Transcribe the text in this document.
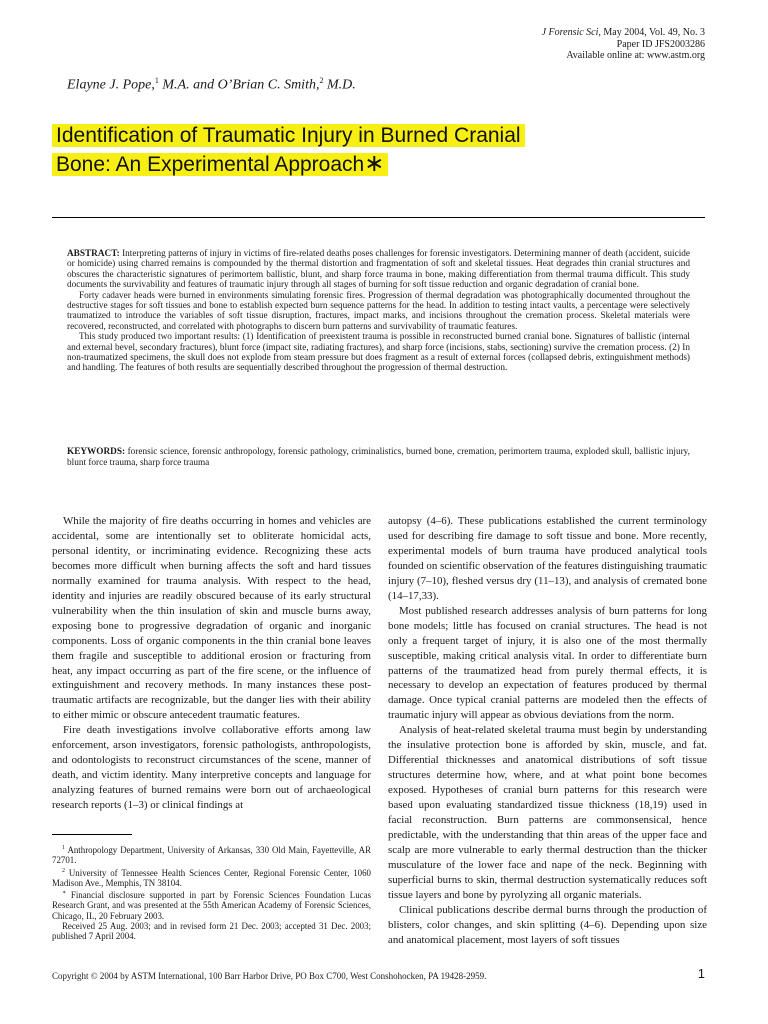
J Forensic Sci, May 2004, Vol. 49, No. 3
Paper ID JFS2003286
Available online at: www.astm.org
Elayne J. Pope,$^1$ M.A. and O’Brian C. Smith,$^2$ M.D.
Identification of Traumatic Injury in Burned Cranial
Bone: An Experimental Approach∗

ABSTRACT: Interpreting patterns of injury in victims of fire-related deaths poses challenges for forensic investigators. Determining manner of death (accident, suicide or homicide) using charred remains is compounded by the thermal distortion and fragmentation of soft and skeletal tissues. Heat degrades thin cranial structures and obscures the characteristic signatures of perimortem ballistic, blunt, and sharp force trauma in bone, making differentiation from thermal trauma difficult. This study documents the survivability and features of traumatic injury through all stages of burning for soft tissue reduction and organic degradation of cranial bone.

Forty cadaver heads were burned in environments simulating forensic fires. Progression of thermal degradation was photographically documented throughout the destructive stages for soft tissues and bone to establish expected burn sequence patterns for the head. In addition to testing intact vaults, a percentage were selectively traumatized to introduce the variables of soft tissue disruption, fractures, impact marks, and incisions throughout the cremation process. Skeletal materials were recovered, reconstructed, and correlated with photographs to discern burn patterns and survivability of traumatic features.

This study produced two important results: (1) Identification of preexistent trauma is possible in reconstructed burned cranial bone. Signatures of ballistic (internal and external bevel, secondary fractures), blunt force (impact site, radiating fractures), and sharp force (incisions, stabs, sectioning) survive the cremation process. (2) In non-traumatized specimens, the skull does not explode from steam pressure but does fragment as a result of external forces (collapsed debris, extinguishment methods) and handling. The features of both results are sequentially described throughout the progression of thermal destruction.

KEYWORDS: forensic science, forensic anthropology, forensic pathology, criminalistics, burned bone, cremation, perimortem trauma, exploded skull, ballistic injury, blunt force trauma, sharp force trauma

While the majority of fire deaths occurring in homes and vehicles are accidental, some are intentionally set to obliterate homicidal acts, personal identity, or incriminating evidence. Recognizing these acts becomes more difficult when burning affects the soft and hard tissues normally examined for trauma analysis. With respect to the head, identity and injuries are readily obscured because of its early structural vulnerability when the thin insulation of skin and muscle burns away, exposing bone to progressive degradation of organic and inorganic components. Loss of organic components in the thin cranial bone leaves them fragile and susceptible to additional erosion or fracturing from heat, any impact occurring as part of the fire scene, or the influence of extinguishment and recovery methods. In many instances these post-traumatic artifacts are recognizable, but the danger lies with their ability to either mimic or obscure antecedent traumatic features.

Fire death investigations involve collaborative efforts among law enforcement, arson investigators, forensic pathologists, anthropologists, and odontologists to reconstruct circumstances of the scene, manner of death, and victim identity. Many interpretive concepts and language for analyzing features of burned remains were born out of archaeological research reports (1–3) or clinical findings at

autopsy (4–6). These publications established the current terminology used for describing fire damage to soft tissue and bone. More recently, experimental models of burn trauma have produced analytical tools founded on scientific observation of the features distinguishing traumatic injury (7–10), fleshed versus dry (11–13), and analysis of cremated bone (14–17,33).

Most published research addresses analysis of burn patterns for long bone models; little has focused on cranial structures. The head is not only a frequent target of injury, it is also one of the most thermally susceptible, making critical analysis vital. In order to differentiate burn patterns of the traumatized head from purely thermal effects, it is necessary to develop an expectation of features produced by thermal damage. Once typical cranial patterns are modeled then the effects of traumatic injury will appear as obvious deviations from the norm.

Analysis of heat-related skeletal trauma must begin by understanding the insulative protection bone is afforded by skin, muscle, and fat. Differential thicknesses and anatomical distributions of soft tissue structures determine how, where, and at what point bone becomes exposed. Hypotheses of cranial burn patterns for this research were based upon evaluating standardized tissue thickness (18,19) used in facial reconstruction. Burn patterns are commonsensical, hence predictable, with the understanding that thin areas of the upper face and scalp are more vulnerable to early thermal destruction than the thicker musculature of the lower face and nape of the neck. Beginning with superficial burns to skin, thermal destruction systematically reduces soft tissue layers and bone by pyrolyzing all organic materials.

Clinical publications describe dermal burns through the production of blisters, color changes, and skin splitting (4–6). Depending upon size and anatomical placement, most layers of soft tissues

$^1$ Anthropology Department, University of Arkansas, 330 Old Main, Fayetteville, AR 72701.

$^2$ University of Tennessee Health Sciences Center, Regional Forensic Center, 1060 Madison Ave., Memphis, TN 38104.

∗ Financial disclosure supported in part by Forensic Sciences Foundation Lucas Research Grant, and was presented at the 55th American Academy of Forensic Sciences, Chicago, IL, 20 February 2003.

Received 25 Aug. 2003; and in revised form 21 Dec. 2003; accepted 31 Dec. 2003; published 7 April 2004.

Copyright © 2004 by ASTM International, 100 Barr Harbor Drive, PO Box C700, West Conshohocken, PA 19428-2959.	1
